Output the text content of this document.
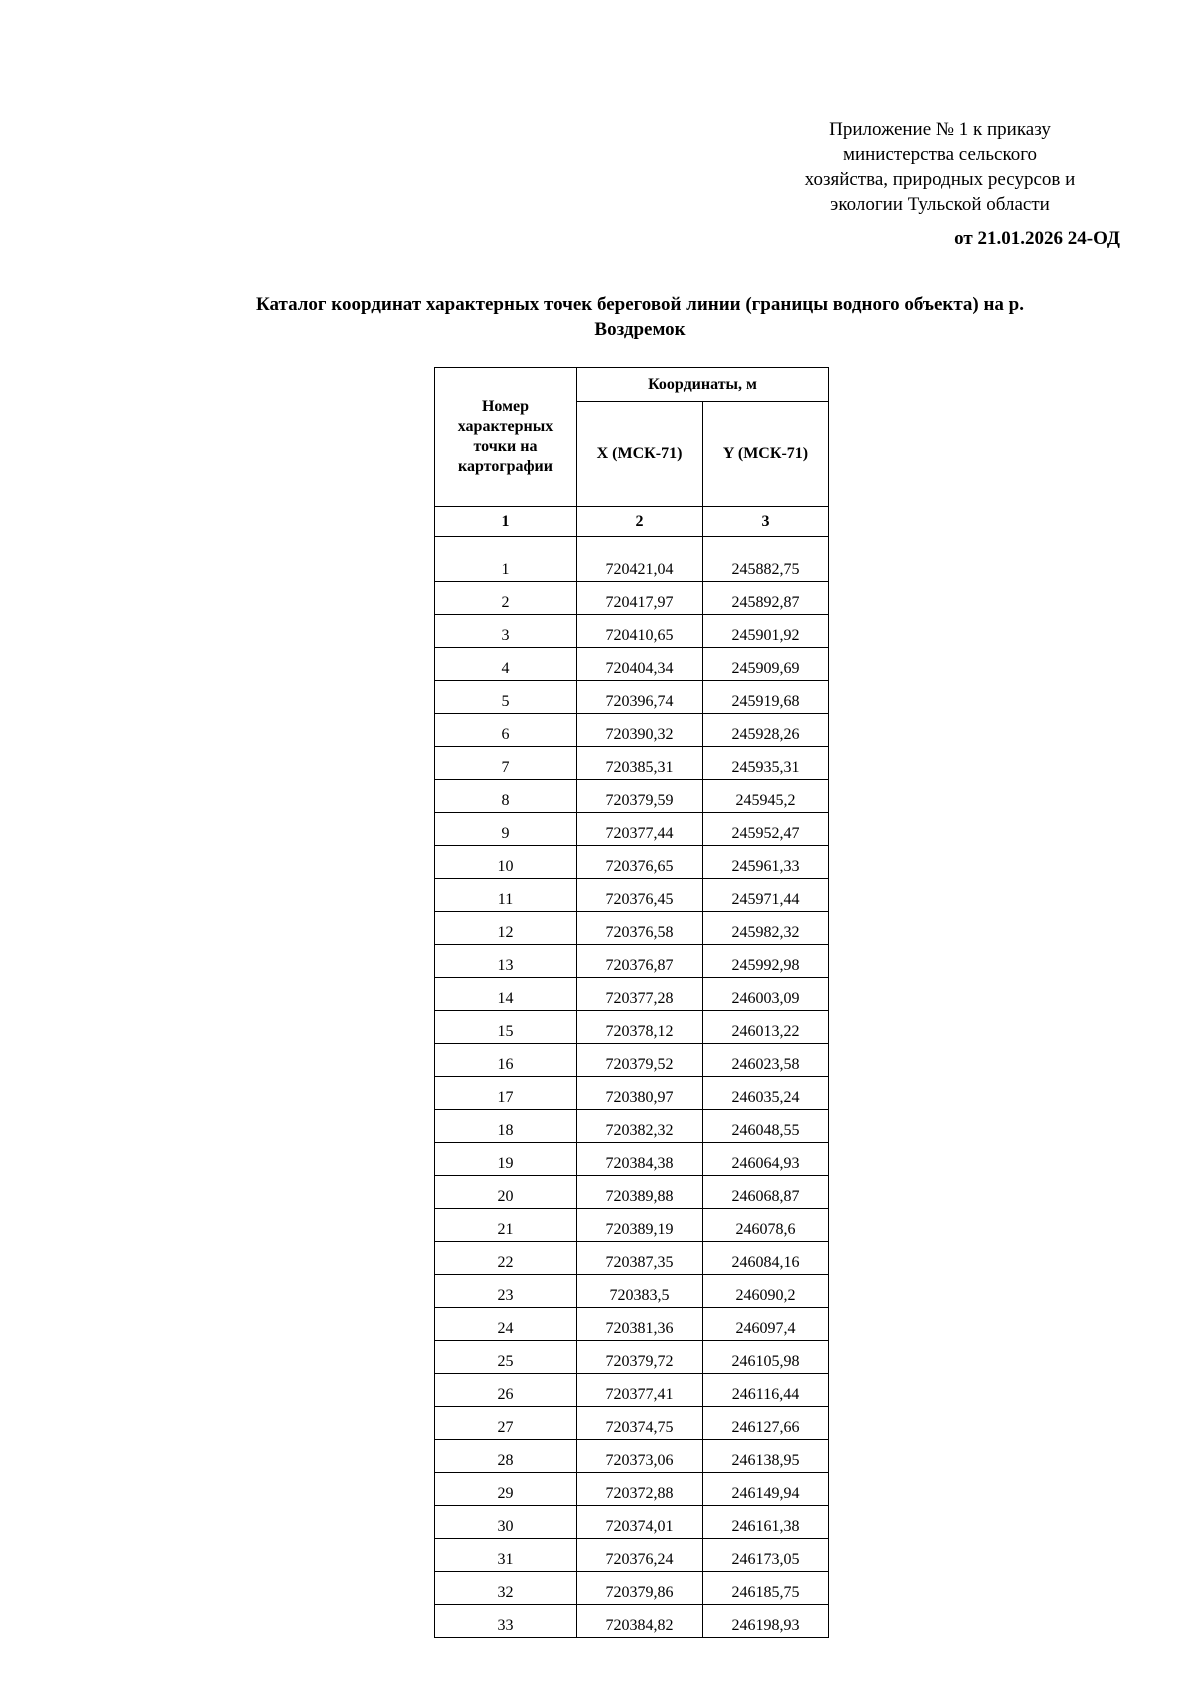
Приложение № 1 к приказу
министерства сельского
хозяйства, природных ресурсов и
экологии Тульской области
от 21.01.2026 24-ОД
Каталог координат характерных точек береговой линии (границы водного объекта) на р.
Воздремок
Номер характерных точки на картографии	Координаты, м	
	X (МСК-71)	Y (МСК-71)
1	2	3
1	720421,04	245882,75
2	720417,97	245892,87
3	720410,65	245901,92
4	720404,34	245909,69
5	720396,74	245919,68
6	720390,32	245928,26
7	720385,31	245935,31
8	720379,59	245945,2
9	720377,44	245952,47
10	720376,65	245961,33
11	720376,45	245971,44
12	720376,58	245982,32
13	720376,87	245992,98
14	720377,28	246003,09
15	720378,12	246013,22
16	720379,52	246023,58
17	720380,97	246035,24
18	720382,32	246048,55
19	720384,38	246064,93
20	720389,88	246068,87
21	720389,19	246078,6
22	720387,35	246084,16
23	720383,5	246090,2
24	720381,36	246097,4
25	720379,72	246105,98
26	720377,41	246116,44
27	720374,75	246127,66
28	720373,06	246138,95
29	720372,88	246149,94
30	720374,01	246161,38
31	720376,24	246173,05
32	720379,86	246185,75
33	720384,82	246198,93
